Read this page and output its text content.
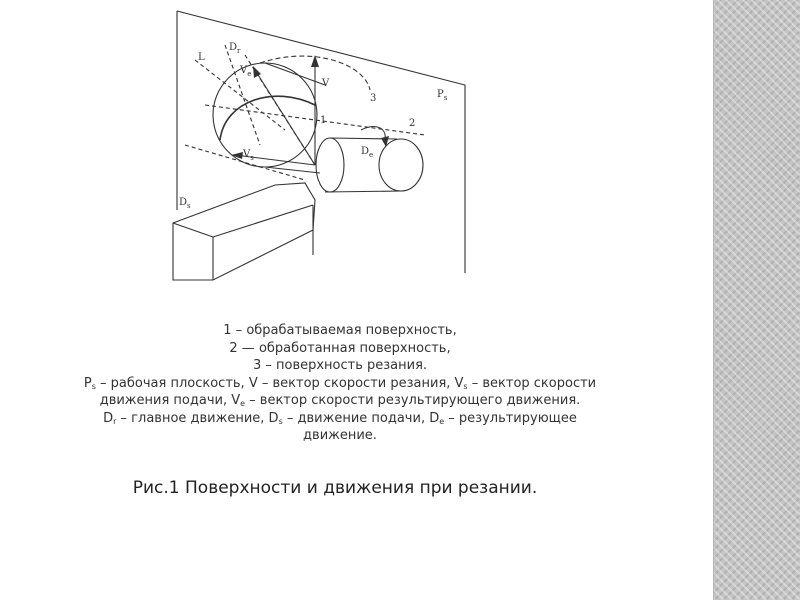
$P_s$
V
$V_e$
$V_s$
$D_r$
$D_s$
$D_e$
1	2
3
L
1 – обрабатываемая поверхность,
2 — обработанная поверхность,
3 – поверхность резания.
$P_s$ – рабочая плоскость, V – вектор скорости резания, $V_s$ – вектор скорости
движения подачи, $V_e$ – вектор скорости результирующего движения.
$D_r$ – главное движение, $D_s$ – движение подачи, $D_e$ – результирующее
движение.
Рис.1 Поверхности и движения при резании.
